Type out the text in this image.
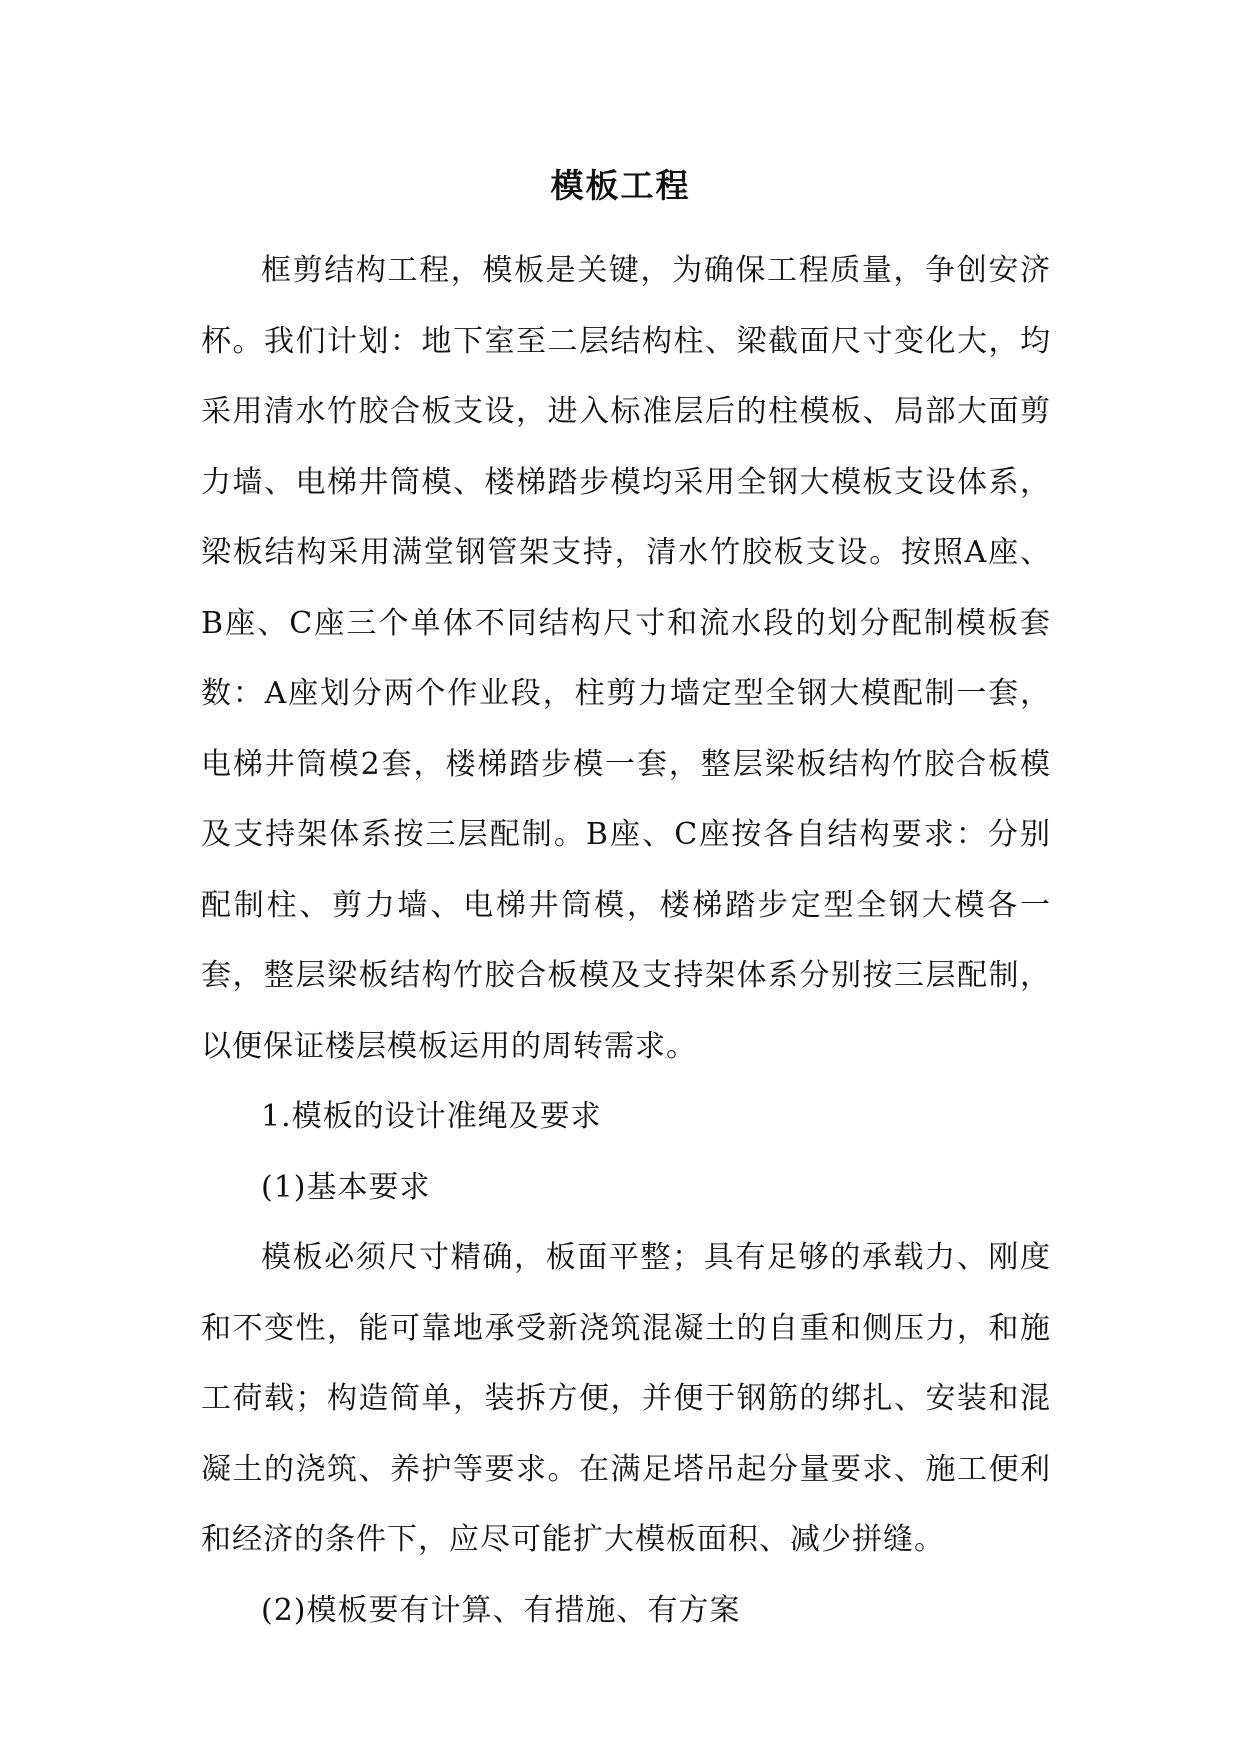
模板工程

框剪结构工程，模板是关键，为确保工程质量，争创安济杯。我们计划：地下室至二层结构柱、梁截面尺寸变化大，均采用清水竹胶合板支设，进入标准层后的柱模板、局部大面剪力墙、电梯井筒模、楼梯踏步模均采用全钢大模板支设体系，梁板结构采用满堂钢管架支持，清水竹胶板支设。按照A座、B座、C座三个单体不同结构尺寸和流水段的划分配制模板套数：A座划分两个作业段，柱剪力墙定型全钢大模配制一套，电梯井筒模2套，楼梯踏步模一套，整层梁板结构竹胶合板模及支持架体系按三层配制。B座、C座按各自结构要求：分别配制柱、剪力墙、电梯井筒模，楼梯踏步定型全钢大模各一套，整层梁板结构竹胶合板模及支持架体系分别按三层配制，以便保证楼层模板运用的周转需求。

1.模板的设计准绳及要求

(1)基本要求

模板必须尺寸精确，板面平整；具有足够的承载力、刚度和不变性，能可靠地承受新浇筑混凝土的自重和侧压力，和施工荷载；构造简单，装拆方便，并便于钢筋的绑扎、安装和混凝土的浇筑、养护等要求。在满足塔吊起分量要求、施工便利和经济的条件下，应尽可能扩大模板面积、减少拼缝。

(2)模板要有计算、有措施、有方案
